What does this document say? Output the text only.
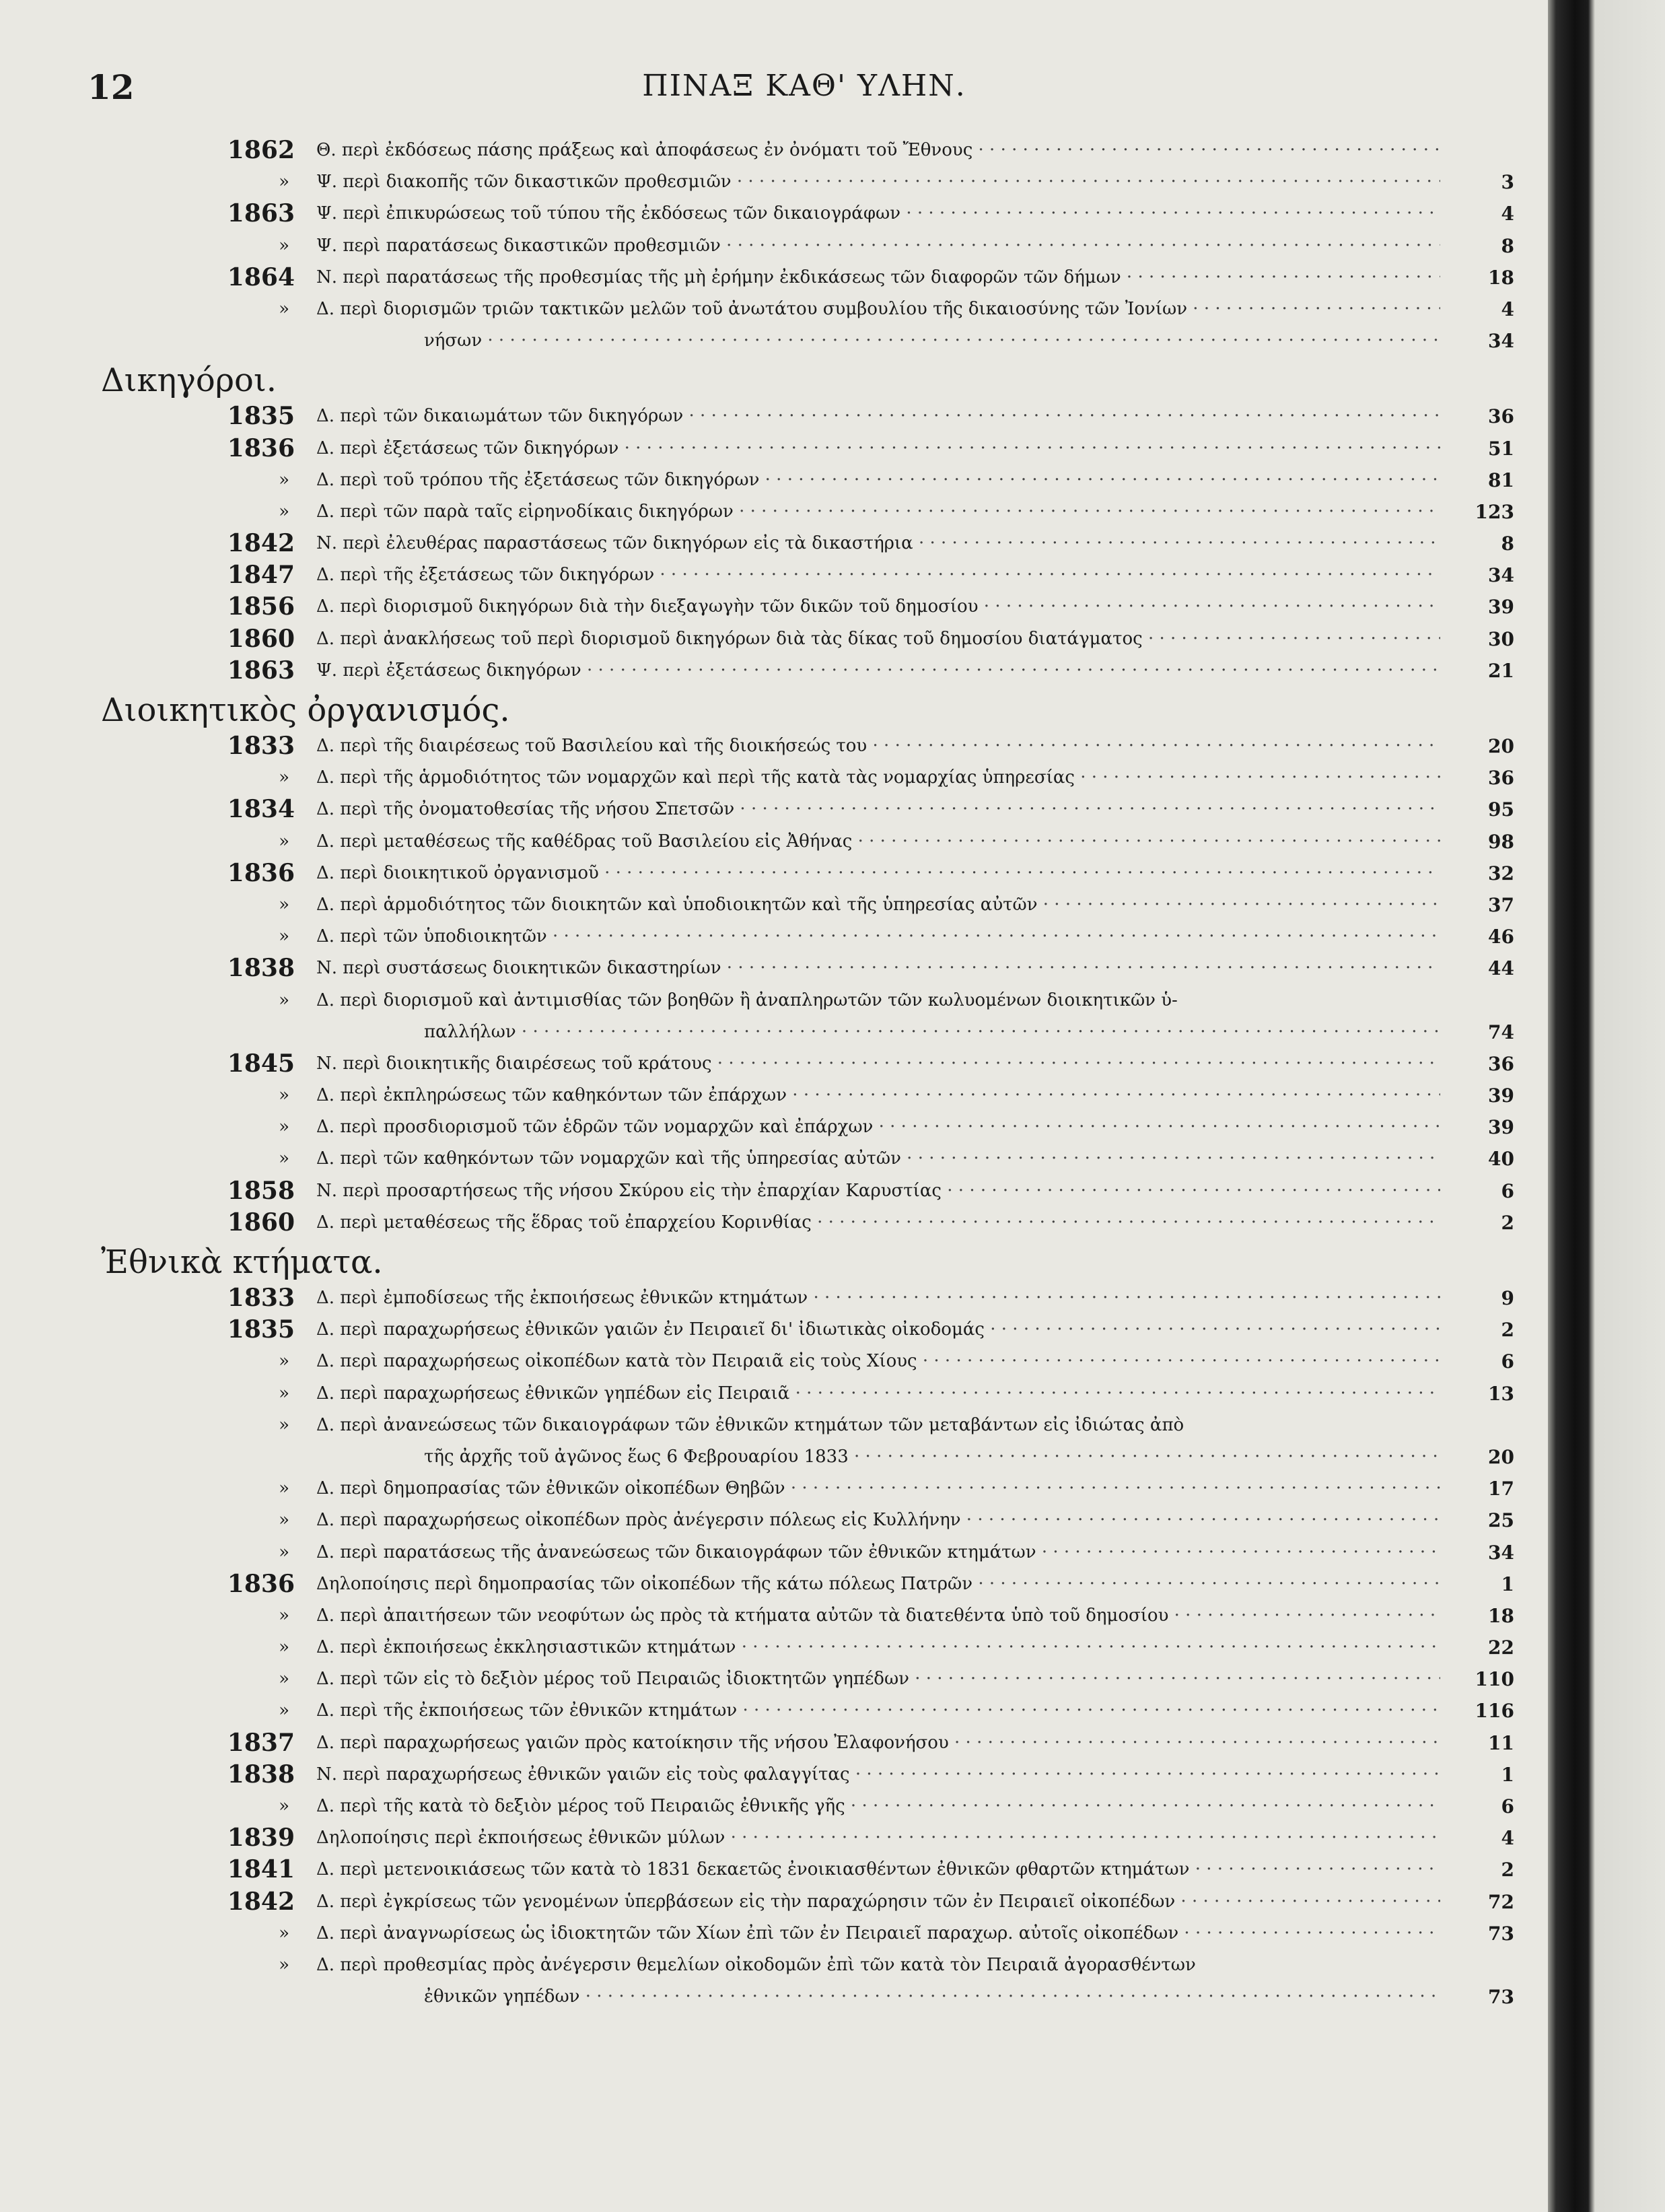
12	ΠΙΝΑΞ ΚΑΘ' ΥΛΗΝ.
1862 Θ. περὶ ἐκδόσεως πάσης πράξεως καὶ ἀποφάσεως ἐν ὀνόματι τοῦ Ἔθνους · · ·
» Ψ. περὶ διακοπῆς τῶν δικαστικῶν προθεσμιῶν · · ·	3
1863 Ψ. περὶ ἐπικυρώσεως τοῦ τύπου τῆς ἐκδόσεως τῶν δικαιογράφων · · ·	4
» Ψ. περὶ παρατάσεως δικαστικῶν προθεσμιῶν · · ·	8
1864 Ν. περὶ παρατάσεως τῆς προθεσμίας τῆς μὴ ἐρήμην ἐκδικάσεως τῶν διαφορῶν τῶν δήμων · · ·	18
» Δ. περὶ διορισμῶν τριῶν τακτικῶν μελῶν τοῦ ἀνωτάτου συμβουλίου τῆς δικαιοσύνης τῶν Ἰονίων · · ·	4
νήσων · · ·	34
Δικηγόροι.
1835 Δ. περὶ τῶν δικαιωμάτων τῶν δικηγόρων · · ·	36
1836 Δ. περὶ ἐξετάσεως τῶν δικηγόρων · · ·	51
» Δ. περὶ τοῦ τρόπου τῆς ἐξετάσεως τῶν δικηγόρων · · ·	81
» Δ. περὶ τῶν παρὰ ταῖς εἰρηνοδίκαις δικηγόρων · · ·	123
1842 Ν. περὶ ἐλευθέρας παραστάσεως τῶν δικηγόρων εἰς τὰ δικαστήρια · · ·	8
1847 Δ. περὶ τῆς ἐξετάσεως τῶν δικηγόρων · · ·	34
1856 Δ. περὶ διορισμοῦ δικηγόρων διὰ τὴν διεξαγωγὴν τῶν δικῶν τοῦ δημοσίου · · ·	39
1860 Δ. περὶ ἀνακλήσεως τοῦ περὶ διορισμοῦ δικηγόρων διὰ τὰς δίκας τοῦ δημοσίου διατάγματος · · ·	30
1863 Ψ. περὶ ἐξετάσεως δικηγόρων · · ·	21
Διοικητικὸς ὀργανισμός.
1833 Δ. περὶ τῆς διαιρέσεως τοῦ Βασιλείου καὶ τῆς διοικήσεώς του · · ·	20
» Δ. περὶ τῆς ἁρμοδιότητος τῶν νομαρχῶν καὶ περὶ τῆς κατὰ τὰς νομαρχίας ὑπηρεσίας · · ·	36
1834 Δ. περὶ τῆς ὀνοματοθεσίας τῆς νήσου Σπετσῶν · · ·	95
» Δ. περὶ μεταθέσεως τῆς καθέδρας τοῦ Βασιλείου εἰς Ἀθήνας · · ·	98
1836 Δ. περὶ διοικητικοῦ ὀργανισμοῦ · · ·	32
» Δ. περὶ ἁρμοδιότητος τῶν διοικητῶν καὶ ὑποδιοικητῶν καὶ τῆς ὑπηρεσίας αὐτῶν · · ·	37
» Δ. περὶ τῶν ὑποδιοικητῶν · · ·	46
1838 Ν. περὶ συστάσεως διοικητικῶν δικαστηρίων · · ·	44
» Δ. περὶ διορισμοῦ καὶ ἀντιμισθίας τῶν βοηθῶν ἢ ἀναπληρωτῶν τῶν κωλυομένων διοικητικῶν ὑ-
παλλήλων · · ·	74
1845 Ν. περὶ διοικητικῆς διαιρέσεως τοῦ κράτους · · ·	36
» Δ. περὶ ἐκπληρώσεως τῶν καθηκόντων τῶν ἐπάρχων · · ·	39
» Δ. περὶ προσδιορισμοῦ τῶν ἑδρῶν τῶν νομαρχῶν καὶ ἐπάρχων · · ·	39
» Δ. περὶ τῶν καθηκόντων τῶν νομαρχῶν καὶ τῆς ὑπηρεσίας αὐτῶν · · ·	40
1858 Ν. περὶ προσαρτήσεως τῆς νήσου Σκύρου εἰς τὴν ἐπαρχίαν Καρυστίας · · ·	6
1860 Δ. περὶ μεταθέσεως τῆς ἕδρας τοῦ ἐπαρχείου Κορινθίας · · ·	2
Ἐθνικὰ κτήματα.
1833 Δ. περὶ ἐμποδίσεως τῆς ἐκποιήσεως ἐθνικῶν κτημάτων · · ·	9
1835 Δ. περὶ παραχωρήσεως ἐθνικῶν γαιῶν ἐν Πειραιεῖ δι' ἰδιωτικὰς οἰκοδομάς · · ·	2
» Δ. περὶ παραχωρήσεως οἰκοπέδων κατὰ τὸν Πειραιᾶ εἰς τοὺς Χίους · · ·	6
» Δ. περὶ παραχωρήσεως ἐθνικῶν γηπέδων εἰς Πειραιᾶ · · ·	13
» Δ. περὶ ἀνανεώσεως τῶν δικαιογράφων τῶν ἐθνικῶν κτημάτων τῶν μεταβάντων εἰς ἰδιώτας ἀπὸ
τῆς ἀρχῆς τοῦ ἀγῶνος ἕως 6 Φεβρουαρίου 1833 · · ·	20
» Δ. περὶ δημοπρασίας τῶν ἐθνικῶν οἰκοπέδων Θηβῶν · · ·	17
» Δ. περὶ παραχωρήσεως οἰκοπέδων πρὸς ἀνέγερσιν πόλεως εἰς Κυλλήνην · · ·	25
» Δ. περὶ παρατάσεως τῆς ἀνανεώσεως τῶν δικαιογράφων τῶν ἐθνικῶν κτημάτων · · ·	34
1836 Δηλοποίησις περὶ δημοπρασίας τῶν οἰκοπέδων τῆς κάτω πόλεως Πατρῶν · · ·	1
» Δ. περὶ ἀπαιτήσεων τῶν νεοφύτων ὡς πρὸς τὰ κτήματα αὐτῶν τὰ διατεθέντα ὑπὸ τοῦ δημοσίου · · ·	18
» Δ. περὶ ἐκποιήσεως ἐκκλησιαστικῶν κτημάτων · · ·	22
» Δ. περὶ τῶν εἰς τὸ δεξιὸν μέρος τοῦ Πειραιῶς ἰδιοκτητῶν γηπέδων · · ·	110
» Δ. περὶ τῆς ἐκποιήσεως τῶν ἐθνικῶν κτημάτων · · ·	116
1837 Δ. περὶ παραχωρήσεως γαιῶν πρὸς κατοίκησιν τῆς νήσου Ἐλαφονήσου · · ·	11
1838 Ν. περὶ παραχωρήσεως ἐθνικῶν γαιῶν εἰς τοὺς φαλαγγίτας · · ·	1
» Δ. περὶ τῆς κατὰ τὸ δεξιὸν μέρος τοῦ Πειραιῶς ἐθνικῆς γῆς · · ·	6
1839 Δηλοποίησις περὶ ἐκποιήσεως ἐθνικῶν μύλων · · ·	4
1841 Δ. περὶ μετενοικιάσεως τῶν κατὰ τὸ 1831 δεκαετῶς ἐνοικιασθέντων ἐθνικῶν φθαρτῶν κτημάτων · · ·	2
1842 Δ. περὶ ἐγκρίσεως τῶν γενομένων ὑπερβάσεων εἰς τὴν παραχώρησιν τῶν ἐν Πειραιεῖ οἰκοπέδων · · ·	72
» Δ. περὶ ἀναγνωρίσεως ὡς ἰδιοκτητῶν τῶν Χίων ἐπὶ τῶν ἐν Πειραιεῖ παραχωρ. αὐτοῖς οἰκοπέδων · · ·	73
» Δ. περὶ προθεσμίας πρὸς ἀνέγερσιν θεμελίων οἰκοδομῶν ἐπὶ τῶν κατὰ τὸν Πειραιᾶ ἀγορασθέντων
ἐθνικῶν γηπέδων · · ·	73
